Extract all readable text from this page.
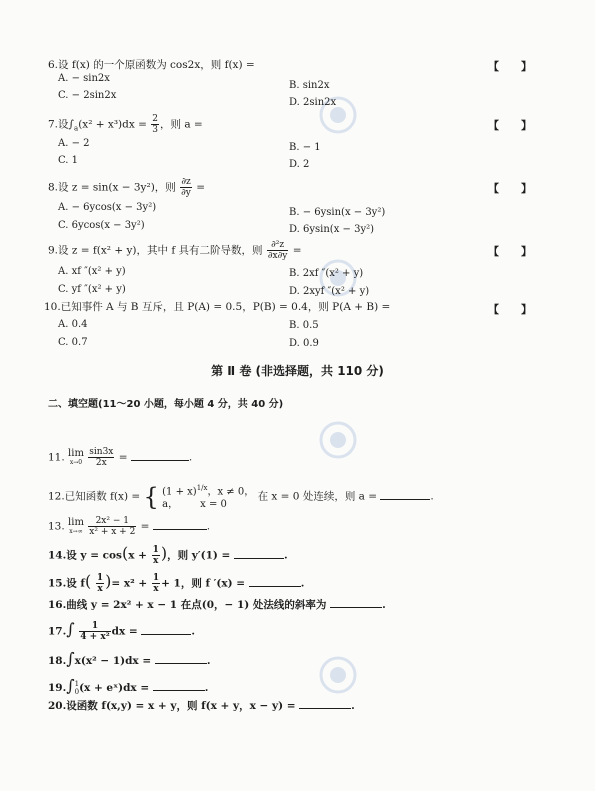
6.设 f(x) 的一个原函数为 cos2x，则 f(x) =	【　　】
A. − sin2x
B. sin2x
C. − 2sin2x
D. 2sin2x
7.设$\int_a(x^2 + x^3)dx = \frac{2}{3}$ ，则 a =	【　　】
A. − 2	B. − 1
C. 1	D. 2
8.设 z = sin(x − 3y²)，则 $\frac{\partial z}{\partial y}$ =	【　　】
A. − 6ycos(x − 3y²)	B. − 6ysin(x − 3y²)
C. 6ycos(x − 3y²)	D. 6ysin(x − 3y²)
9.设 z = f(x² + y)，其中 f 具有二阶导数，则 $\frac{\text{∂²z}}{\partial x\partial y}$ =	【　　】
A. xf ″(x² + y)	B. 2xf ″(x² + y)
C. yf ″(x² + y)	D. 2xyf ″(x² + y)
10.已知事件 A 与 B 互斥，且 P(A) = 0.5，P(B) = 0.4，则 P(A + B) =	【　　】
A. 0.4	B. 0.5
C. 0.7	D. 0.9
第 Ⅱ 卷 (非选择题，共 110 分)
二、填空题(11～20 小题，每小题 4 分，共 40 分)
11. lim
x→0
$\frac{\sin 3x}{2x}$ =	.
12.已知函数 f(x) = { $(1 + x)^{1/x}$，x ≠ 0，
a， x = 0
在 x = 0 处连续，则 a =	.
13. lim
x→∞
$\frac{\text{2x² − 1}}{\text{x² + x + 2}}$ =	.
14.设 $y = \cos(x + \frac{1}{x}$ )，则 y′(1) =	.
15.设 $f( \frac{1}{x}$ )= $x^2 + \frac{1}{x} + 1$，则 f ′(x) =	.
16.曲线 y = 2x² + x − 1 在点(0，− 1) 处法线的斜率为	.
$17.\int \frac{1}{\text{4 + x²}}$ dx =	.
18.∫x(x² − 1)dx =	.
19.∫ 1
0 (x + eˣ)dx =	.
20.设函数 f(x,y) = x + y，则 f(x + y，x − y) =	.
